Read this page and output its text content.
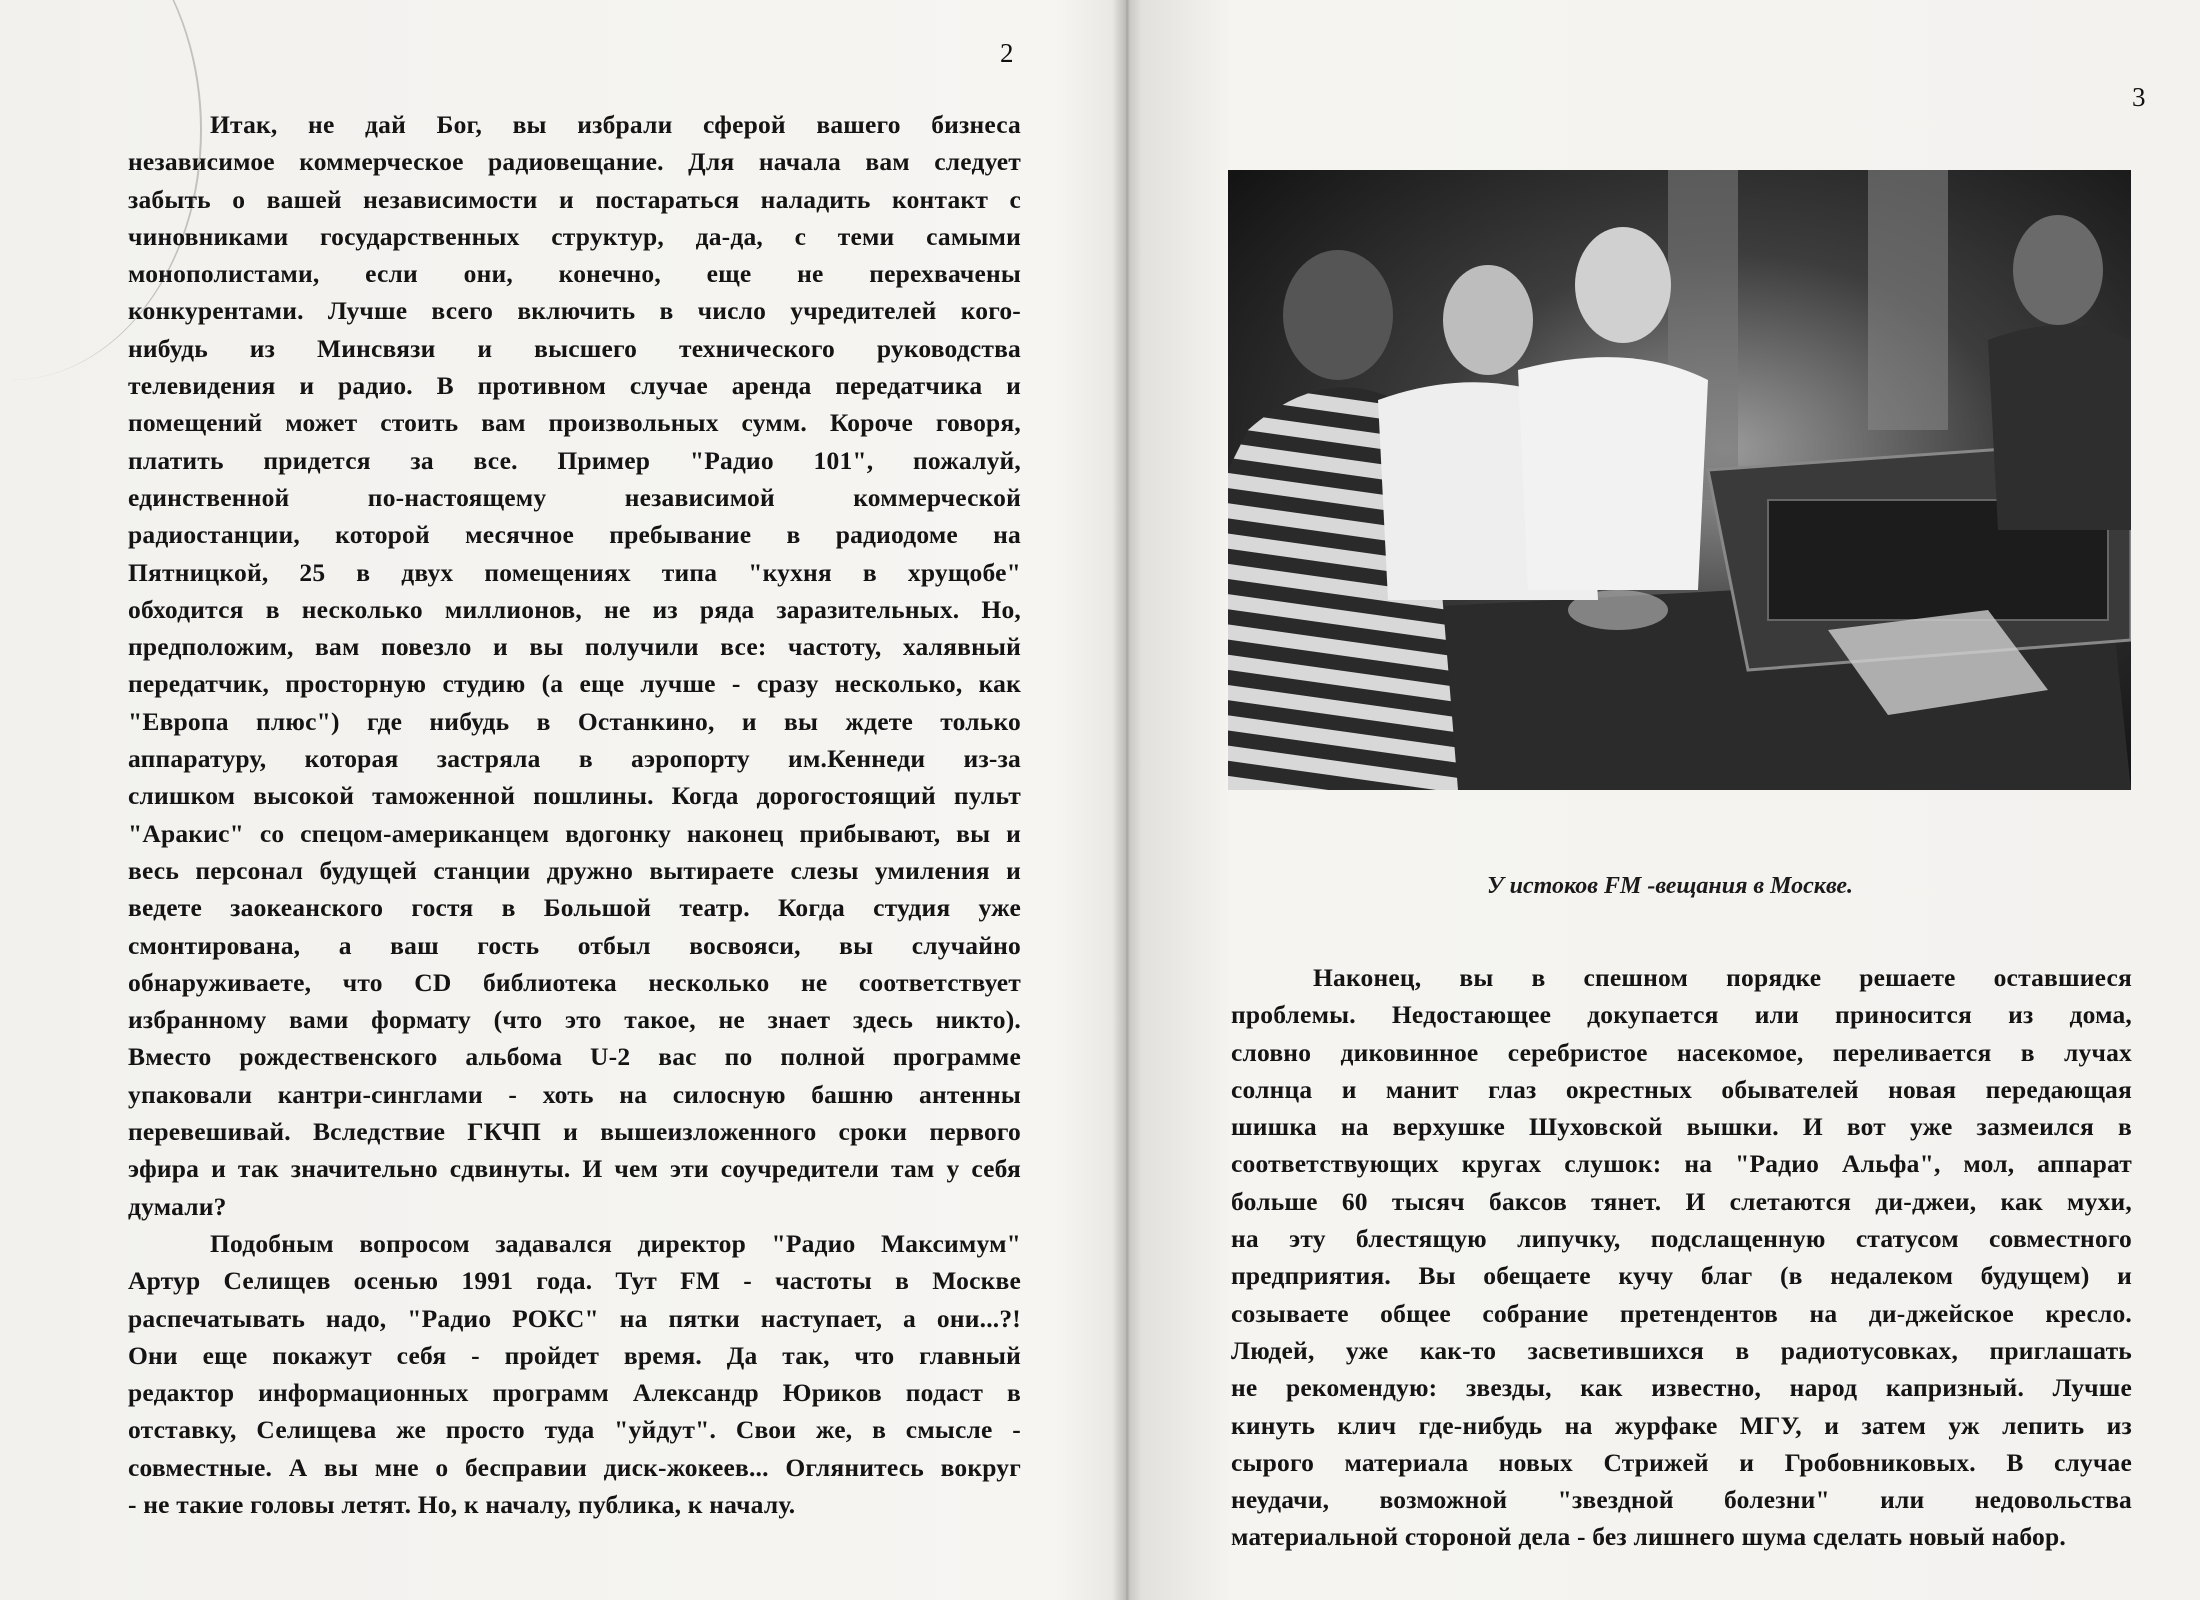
2
Итак, не дай Бог, вы избрали сферой вашего бизнеса
независимое коммерческое радиовещание. Для начала вам следует
забыть о вашей независимости и постараться наладить контакт с
чиновниками государственных структур, да-да, с теми самыми
монополистами, если они, конечно, еще не перехвачены
конкурентами. Лучше всего включить в число учредителей кого-
нибудь из Минсвязи и высшего технического руководства
телевидения и радио. В противном случае аренда передатчика и
помещений может стоить вам произвольных сумм. Короче говоря,
платить придется за все. Пример "Радио 101", пожалуй,
единственной по-настоящему независимой коммерческой
радиостанции, которой месячное пребывание в радиодоме на
Пятницкой, 25 в двух помещениях типа "кухня в хрущобе"
обходится в несколько миллионов, не из ряда заразительных. Но,
предположим, вам повезло и вы получили все: частоту, халявный
передатчик, просторную студию (а еще лучше - сразу несколько, как
"Европа плюс") где нибудь в Останкино, и вы ждете только
аппаратуру, которая застряла в аэропорту им.Кеннеди из-за
слишком высокой таможенной пошлины. Когда дорогостоящий пульт
"Аракис" со спецом-американцем вдогонку наконец прибывают, вы и
весь персонал будущей станции дружно вытираете слезы умиления и
ведете заокеанского гостя в Большой театр. Когда студия уже
смонтирована, а ваш гость отбыл восвояси, вы случайно
обнаруживаете, что CD библиотека несколько не соответствует
избранному вами формату (что это такое, не знает здесь никто).
Вместо рождественского альбома U-2 вас по полной программе
упаковали кантри-синглами - хоть на силосную башню антенны
перевешивай. Вследствие ГКЧП и вышеизложенного сроки первого
эфира и так значительно сдвинуты. И чем эти соучредители там у себя
думали?
Подобным вопросом задавался директор "Радио Максимум"
Артур Селищев осенью 1991 года. Тут FM - частоты в Москве
распечатывать надо, "Радио РОКС" на пятки наступает, а они...?!
Они еще покажут себя - пройдет время. Да так, что главный
редактор информационных программ Александр Юриков подаст в
отставку, Селищева же просто туда "уйдут". Свои же, в смысле -
совместные. А вы мне о бесправии диск-жокеев... Оглянитесь вокруг
- не такие головы летят. Но, к началу, публика, к началу.
3
У истоков FM -вещания в Москве.
Наконец, вы в спешном порядке решаете оставшиеся
проблемы. Недостающее докупается или приносится из дома,
словно диковинное серебристое насекомое, переливается в лучах
солнца и манит глаз окрестных обывателей новая передающая
шишка на верхушке Шуховской вышки. И вот уже зазмеился в
соответствующих кругах слушок: на "Радио Альфа", мол, аппарат
больше 60 тысяч баксов тянет. И слетаются ди-джеи, как мухи,
на эту блестящую липучку, подслащенную статусом совместного
предприятия. Вы обещаете кучу благ (в недалеком будущем) и
созываете общее собрание претендентов на ди-джейское кресло.
Людей, уже как-то засветившихся в радиотусовках, приглашать
не рекомендую: звезды, как известно, народ капризный. Лучше
кинуть клич где-нибудь на журфаке МГУ, и затем уж лепить из
сырого материала новых Стрижей и Гробовниковых. В случае
неудачи, возможной "звездной болезни" или недовольства
материальной стороной дела - без лишнего шума сделать новый набор.
